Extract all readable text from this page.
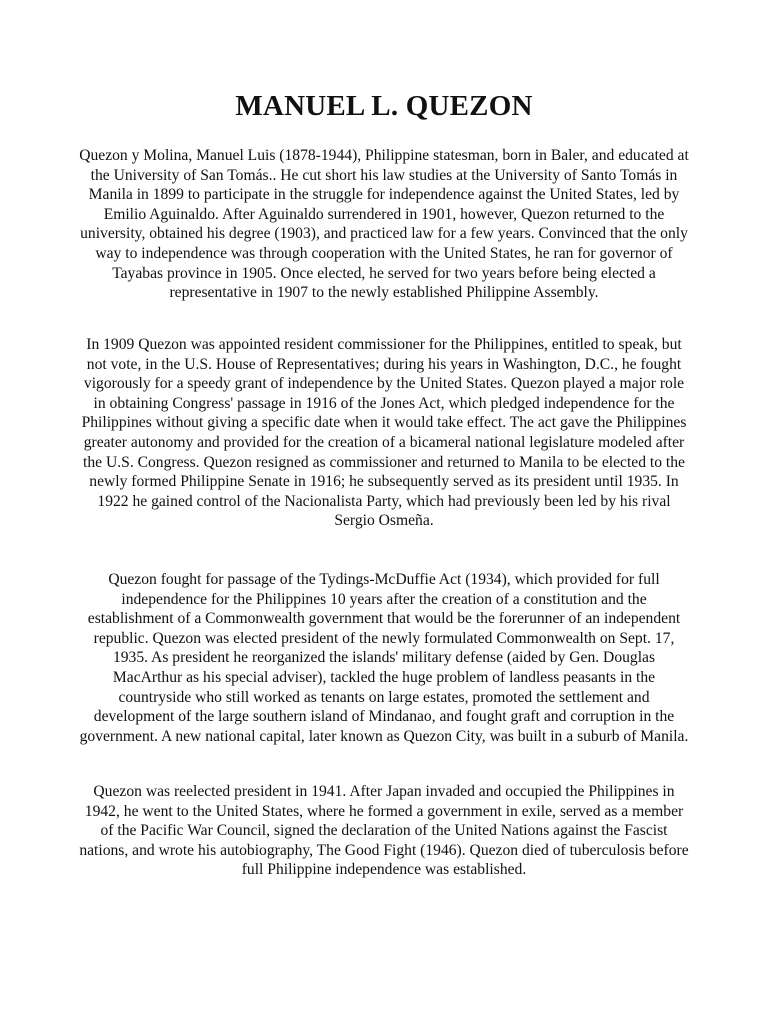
MANUEL L. QUEZON

Quezon y Molina, Manuel Luis (1878-1944), Philippine statesman, born in Baler, and educated at the University of San Tomás.. He cut short his law studies at the University of Santo Tomás in Manila in 1899 to participate in the struggle for independence against the United States, led by Emilio Aguinaldo. After Aguinaldo surrendered in 1901, however, Quezon returned to the university, obtained his degree (1903), and practiced law for a few years. Convinced that the only way to independence was through cooperation with the United States, he ran for governor of Tayabas province in 1905. Once elected, he served for two years before being elected a representative in 1907 to the newly established Philippine Assembly.

In 1909 Quezon was appointed resident commissioner for the Philippines, entitled to speak, but not vote, in the U.S. House of Representatives; during his years in Washington, D.C., he fought vigorously for a speedy grant of independence by the United States. Quezon played a major role in obtaining Congress' passage in 1916 of the Jones Act, which pledged independence for the Philippines without giving a specific date when it would take effect. The act gave the Philippines greater autonomy and provided for the creation of a bicameral national legislature modeled after the U.S. Congress. Quezon resigned as commissioner and returned to Manila to be elected to the newly formed Philippine Senate in 1916; he subsequently served as its president until 1935. In 1922 he gained control of the Nacionalista Party, which had previously been led by his rival Sergio Osmeña.

Quezon fought for passage of the Tydings-McDuffie Act (1934), which provided for full independence for the Philippines 10 years after the creation of a constitution and the establishment of a Commonwealth government that would be the forerunner of an independent republic. Quezon was elected president of the newly formulated Commonwealth on Sept. 17, 1935. As president he reorganized the islands' military defense (aided by Gen. Douglas MacArthur as his special adviser), tackled the huge problem of landless peasants in the countryside who still worked as tenants on large estates, promoted the settlement and development of the large southern island of Mindanao, and fought graft and corruption in the government. A new national capital, later known as Quezon City, was built in a suburb of Manila.

Quezon was reelected president in 1941. After Japan invaded and occupied the Philippines in 1942, he went to the United States, where he formed a government in exile, served as a member of the Pacific War Council, signed the declaration of the United Nations against the Fascist nations, and wrote his autobiography, The Good Fight (1946). Quezon died of tuberculosis before full Philippine independence was established.
